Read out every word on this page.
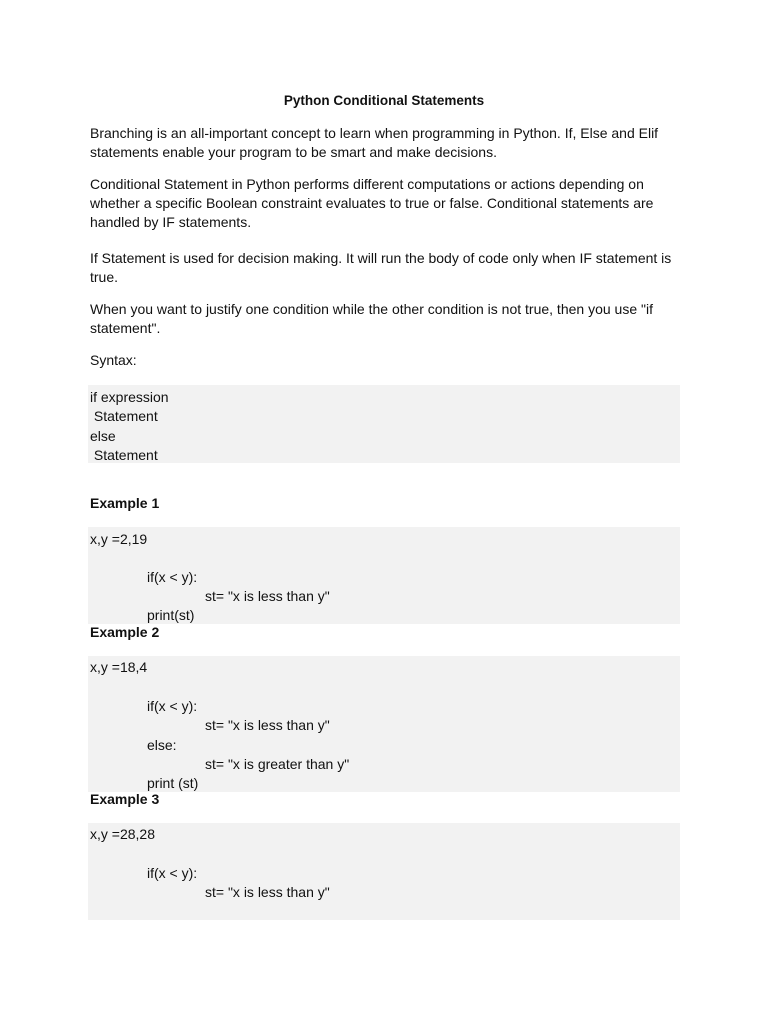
Python Conditional Statements
Branching is an all-important concept to learn when programming in Python. If, Else and Elif statements enable your program to be smart and make decisions.
Conditional Statement in Python performs different computations or actions depending on whether a specific Boolean constraint evaluates to true or false. Conditional statements are handled by IF statements.
If Statement is used for decision making. It will run the body of code only when IF statement is true.
When you want to justify one condition while the other condition is not true, then you use "if statement".
Syntax:
if expression
Statement
else
Statement
Example 1
x,y =2,19
if(x < y):
st= "x is less than y"
print(st)
Example 2
x,y =18,4
if(x < y):
st= "x is less than y"
else:
st= "x is greater than y"
print (st)
Example 3
x,y =28,28
if(x < y):
st= "x is less than y"
